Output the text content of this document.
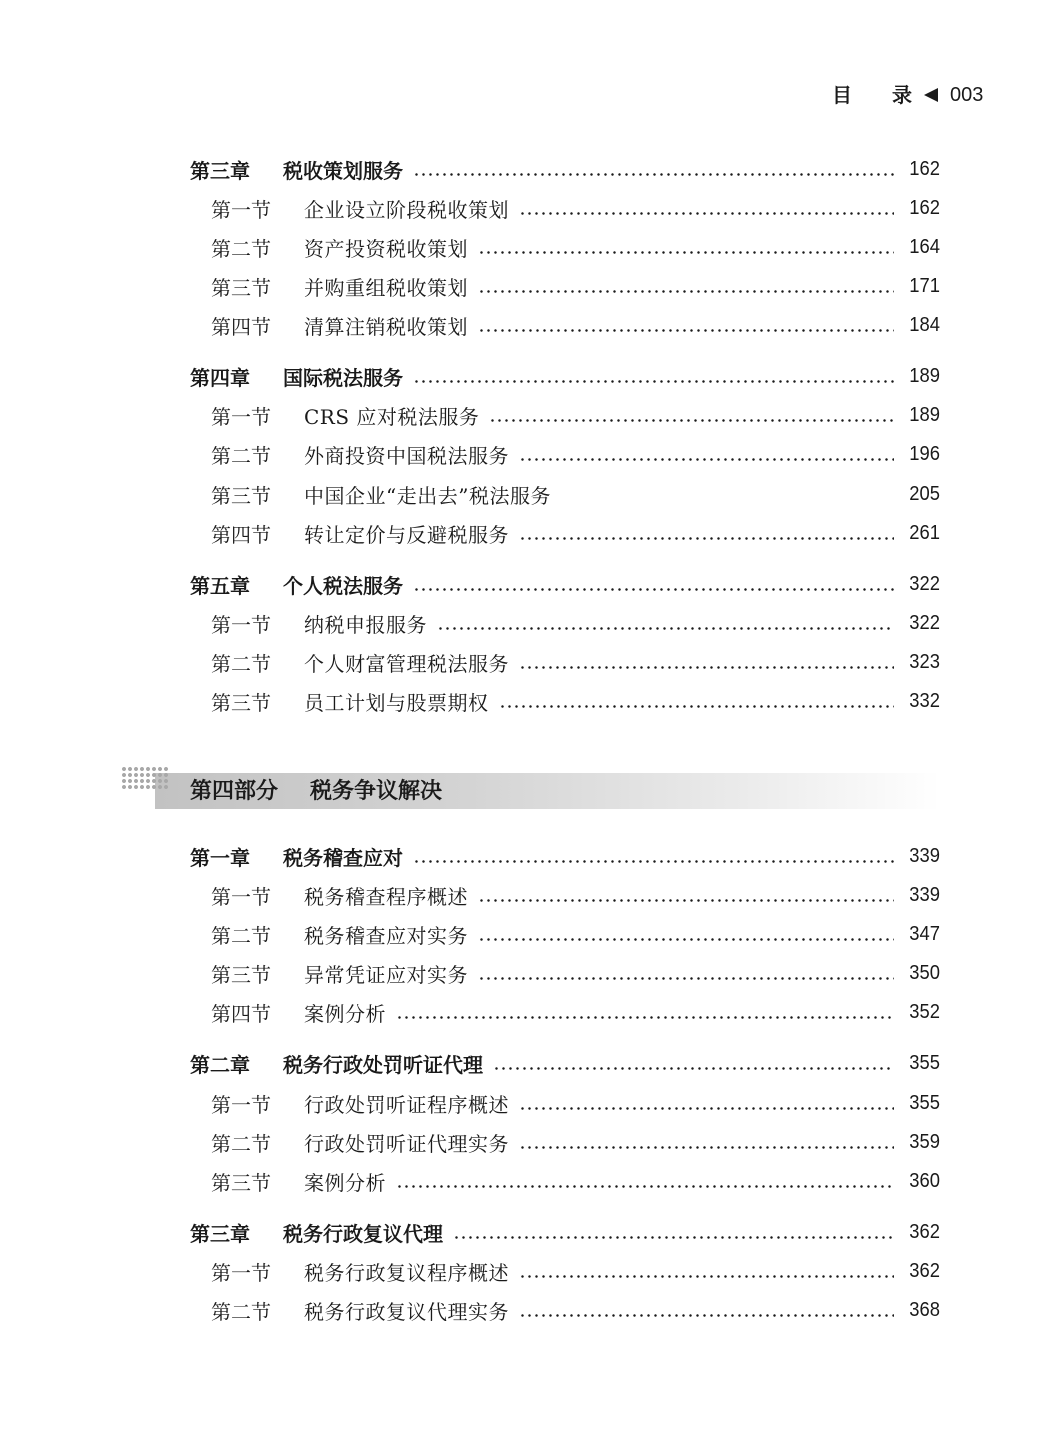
目 录 003
第三章	税收策划服务	162
第一节	企业设立阶段税收策划	162
第二节	资产投资税收策划	164
第三节	并购重组税收策划	171
第四节	清算注销税收策划	184
第四章	国际税法服务	189
第一节	CRS 应对税法服务	189
第二节	外商投资中国税法服务	196
第三节	中国企业“走出去”税法服务	205
第四节	转让定价与反避税服务	261
第五章	个人税法服务	322
第一节	纳税申报服务	322
第二节	个人财富管理税法服务	323
第三节	员工计划与股票期权	332
第四部分 税务争议解决
第一章	税务稽查应对	339
第一节	税务稽查程序概述	339
第二节	税务稽查应对实务	347
第三节	异常凭证应对实务	350
第四节	案例分析	352
第二章	税务行政处罚听证代理	355
第一节	行政处罚听证程序概述	355
第二节	行政处罚听证代理实务	359
第三节	案例分析	360
第三章	税务行政复议代理	362
第一节	税务行政复议程序概述	362
第二节	税务行政复议代理实务	368
